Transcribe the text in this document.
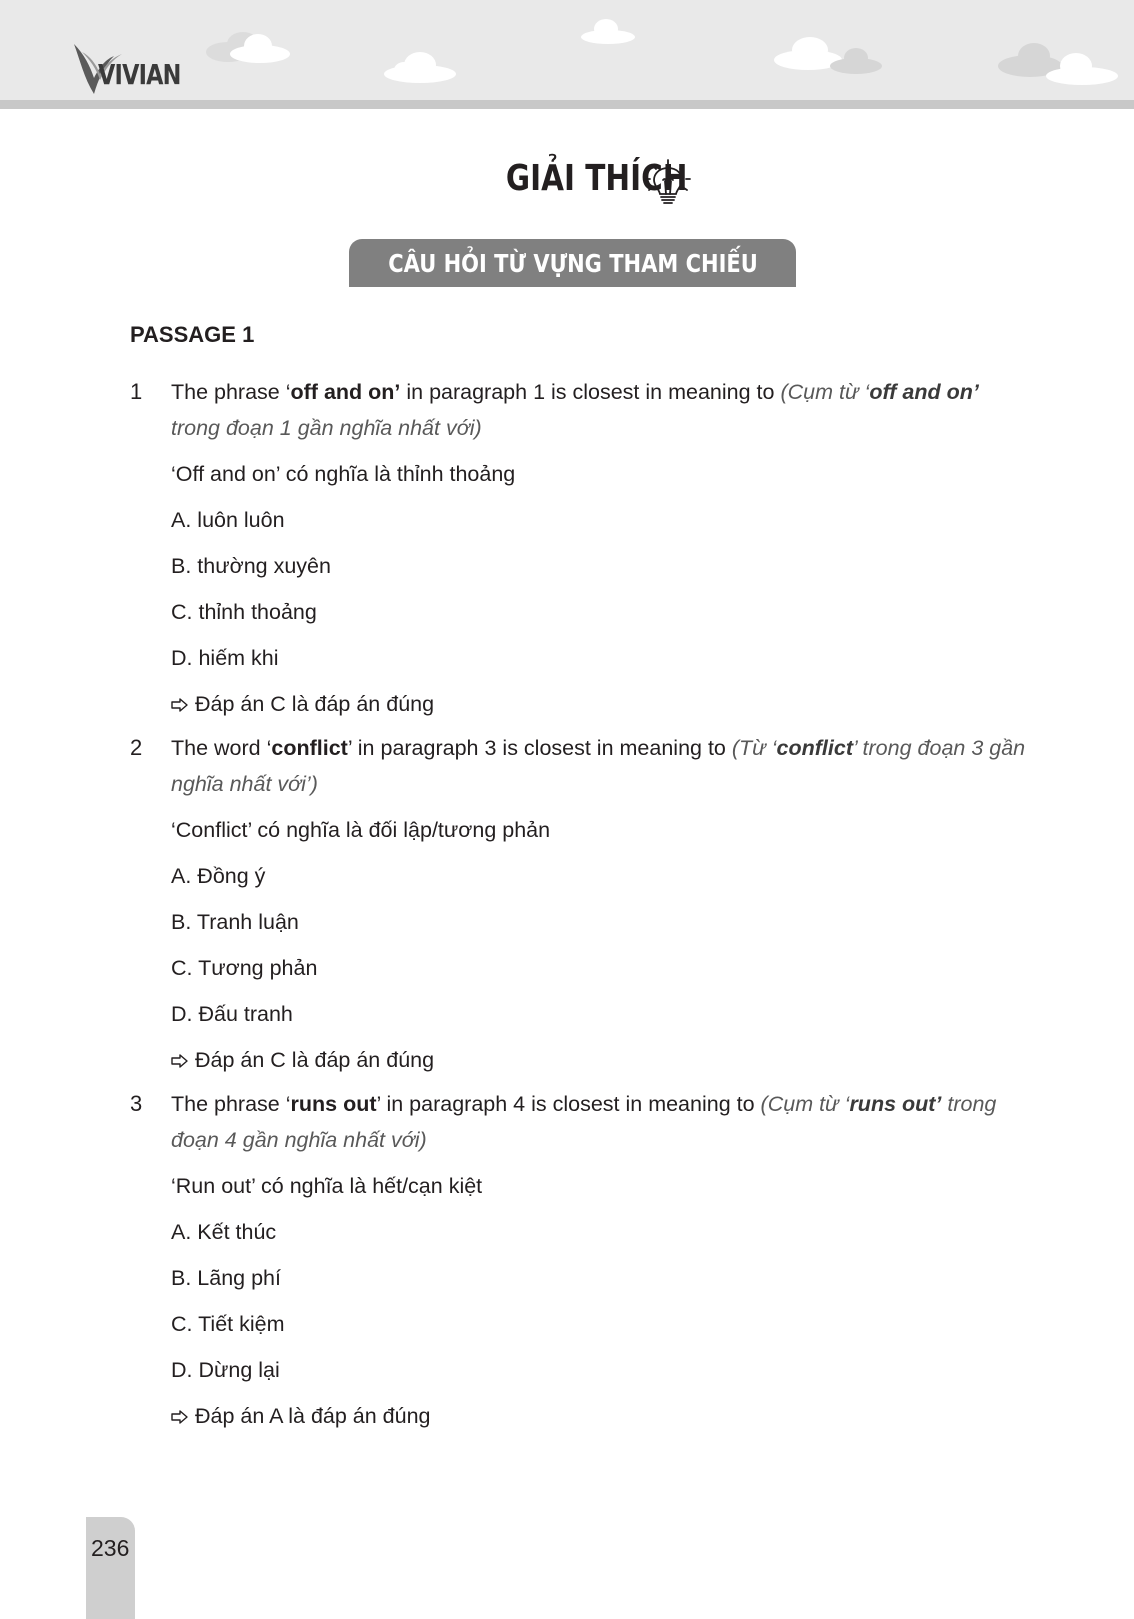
VIVIAN
GIẢI THÍCH
CÂU HỎI TỪ VỰNG THAM CHIẾU
PASSAGE 1
1 The phrase ‘off and on’ in paragraph 1 is closest in meaning to (Cụm từ ‘off and on’ trong đoạn 1 gần nghĩa nhất với)

‘Off and on’ có nghĩa là thỉnh thoảng

A. luôn luôn

B. thường xuyên

C. thỉnh thoảng

D. hiếm khi

Đáp án C là đáp án đúng

2 The word ‘conflict’ in paragraph 3 is closest in meaning to (Từ ‘conflict’ trong đoạn 3 gần nghĩa nhất với’)

‘Conflict’ có nghĩa là đối lập/tương phản

A. Đồng ý

B. Tranh luận

C. Tương phản

D. Đấu tranh

Đáp án C là đáp án đúng

3 The phrase ‘runs out’ in paragraph 4 is closest in meaning to (Cụm từ ‘runs out’ trong đoạn 4 gần nghĩa nhất với)

‘Run out’ có nghĩa là hết/cạn kiệt

A. Kết thúc

B. Lãng phí

C. Tiết kiệm

D. Dừng lại

Đáp án A là đáp án đúng

236
